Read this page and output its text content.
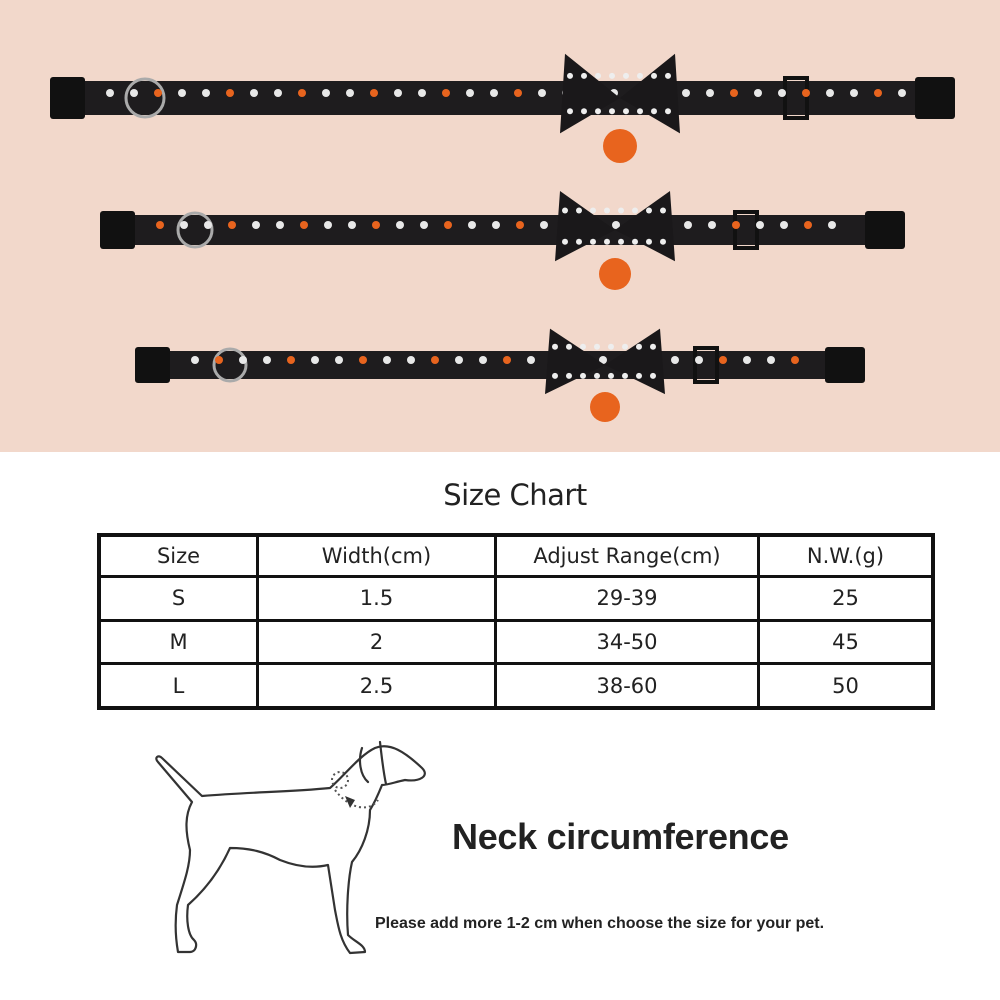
Size Chart
Size	Width(cm)	Adjust Range(cm)	N.W.(g)
S	1.5	29-39	25
M	2	34-50	45
L	2.5	38-60	50
Neck circumference
Please add more 1-2 cm when choose the size for your pet.
